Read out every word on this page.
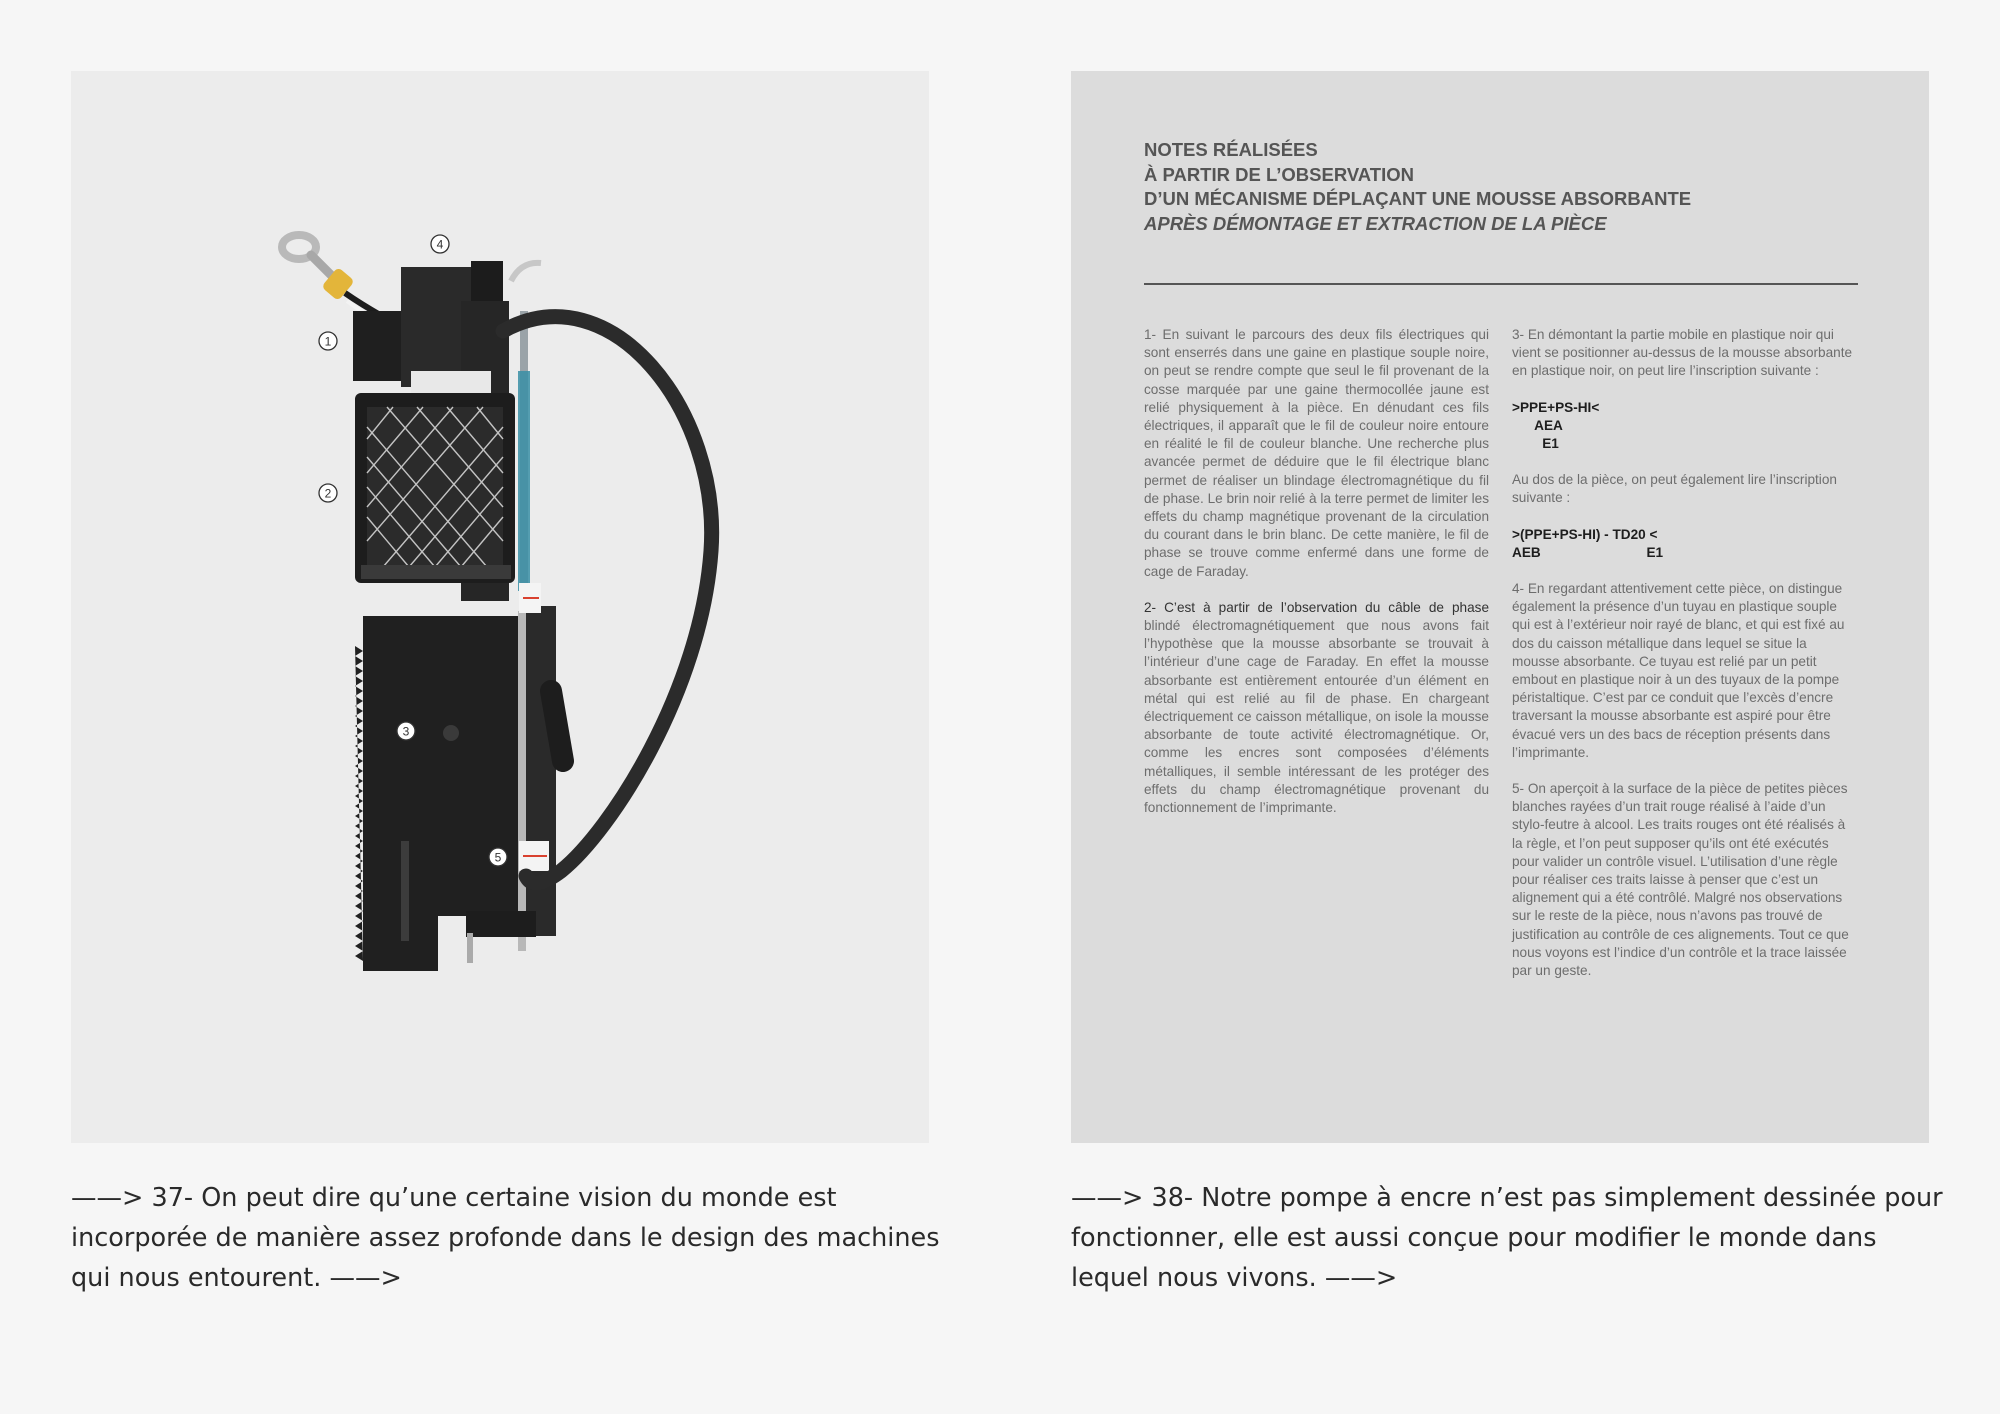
1
2
3
4
5
NOTES RÉALISÉES
À PARTIR DE L’OBSERVATION
D’UN MÉCANISME DÉPLAÇANT UNE MOUSSE ABSORBANTE
APRÈS DÉMONTAGE ET EXTRACTION DE LA PIÈCE

1- En suivant le parcours des deux fils électriques qui sont enserrés dans une gaine en plastique souple noire, on peut se rendre compte que seul le fil provenant de la cosse marquée par une gaine thermocollée jaune est relié physiquement à la pièce. En dénudant ces fils électriques, il apparaît que le fil de couleur noire entoure en réalité le fil de couleur blanche. Une recherche plus avancée permet de déduire que le fil électrique blanc permet de réaliser un blindage électromagnétique du fil de phase. Le brin noir relié à la terre permet de limiter les effets du champ magnétique provenant de la circulation du courant dans le brin blanc. De cette manière, le fil de phase se trouve comme enfermé dans une forme de cage de Faraday.

2- C’est à partir de l’observation du câble de phase blindé électromagnétiquement que nous avons fait l’hypothèse que la mousse absorbante se trouvait à l’intérieur d’une cage de Faraday. En effet la mousse absorbante est entièrement entourée d’un élément en métal qui est relié au fil de phase. En chargeant électriquement ce caisson métallique, on isole la mousse absorbante de toute activité électromagnétique. Or, comme les encres sont composées d’éléments métalliques, il semble intéressant de les protéger des effets du champ électromagnétique provenant du fonctionnement de l’imprimante.

3- En démontant la partie mobile en plastique noir qui vient se positionner au-dessus de la mousse absorbante en plastique noir, on peut lire l’inscription suivante :

>PPE+PS-HI<
AEA
E1

Au dos de la pièce, on peut également lire l’inscription suivante :

>(PPE+PS-HI) - TD20 <
AEB                            E1

4- En regardant attentivement cette pièce, on distingue également la présence d’un tuyau en plastique souple qui est à l’extérieur noir rayé de blanc, et qui est fixé au dos du caisson métallique dans lequel se situe la mousse absorbante. Ce tuyau est relié par un petit embout en plastique noir à un des tuyaux de la pompe péristaltique. C’est par ce conduit que l’excès d’encre traversant la mousse absorbante est aspiré pour être évacué vers un des bacs de réception présents dans l’imprimante.

5- On aperçoit à la surface de la pièce de petites pièces blanches rayées d’un trait rouge réalisé à l’aide d’un stylo-feutre à alcool. Les traits rouges ont été réalisés à la règle, et l’on peut supposer qu’ils ont été exécutés pour valider un contrôle visuel. L’utilisation d’une règle pour réaliser ces traits laisse à penser que c’est un alignement qui a été contrôlé. Malgré nos observations sur le reste de la pièce, nous n’avons pas trouvé de justification au contrôle de ces alignements. Tout ce que nous voyons est l’indice d’un contrôle et la trace laissée par un geste.

——> 37- On peut dire qu’une certaine vision du monde est incorporée de manière assez profonde dans le design des machines qui nous entourent. ——>

——> 38- Notre pompe à encre n’est pas simplement dessinée pour fonctionner, elle est aussi conçue pour modifier le monde dans lequel nous vivons. ——>
